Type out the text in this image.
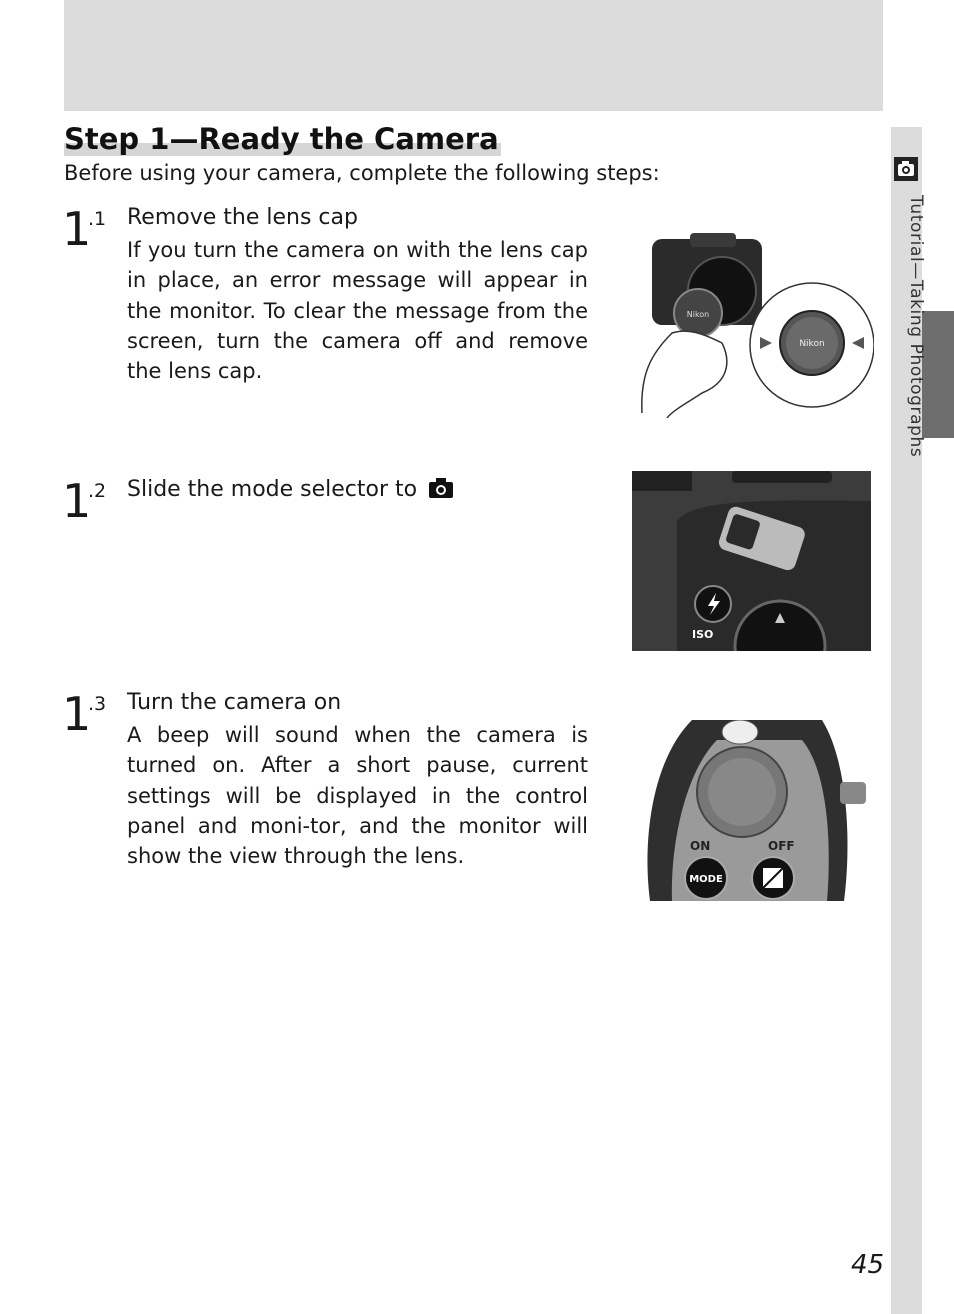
Tutorial—Taking Photographs
Step 1—Ready the Camera

Before using your camera, complete the following steps:

1
.1 Remove the lens cap

If you turn the camera on with the lens cap in place, an error message will appear in the monitor. To clear the message from the screen, turn the camera off and remove the lens cap.

Nikon
Nikon
1
.2 Slide the mode selector to
ISO
1
.3 Turn the camera on

A beep will sound when the camera is turned on. After a short pause, current settings will be displayed in the control panel and moni-tor, and the monitor will show the view through the lens.	ON	OFF
MODE
45
